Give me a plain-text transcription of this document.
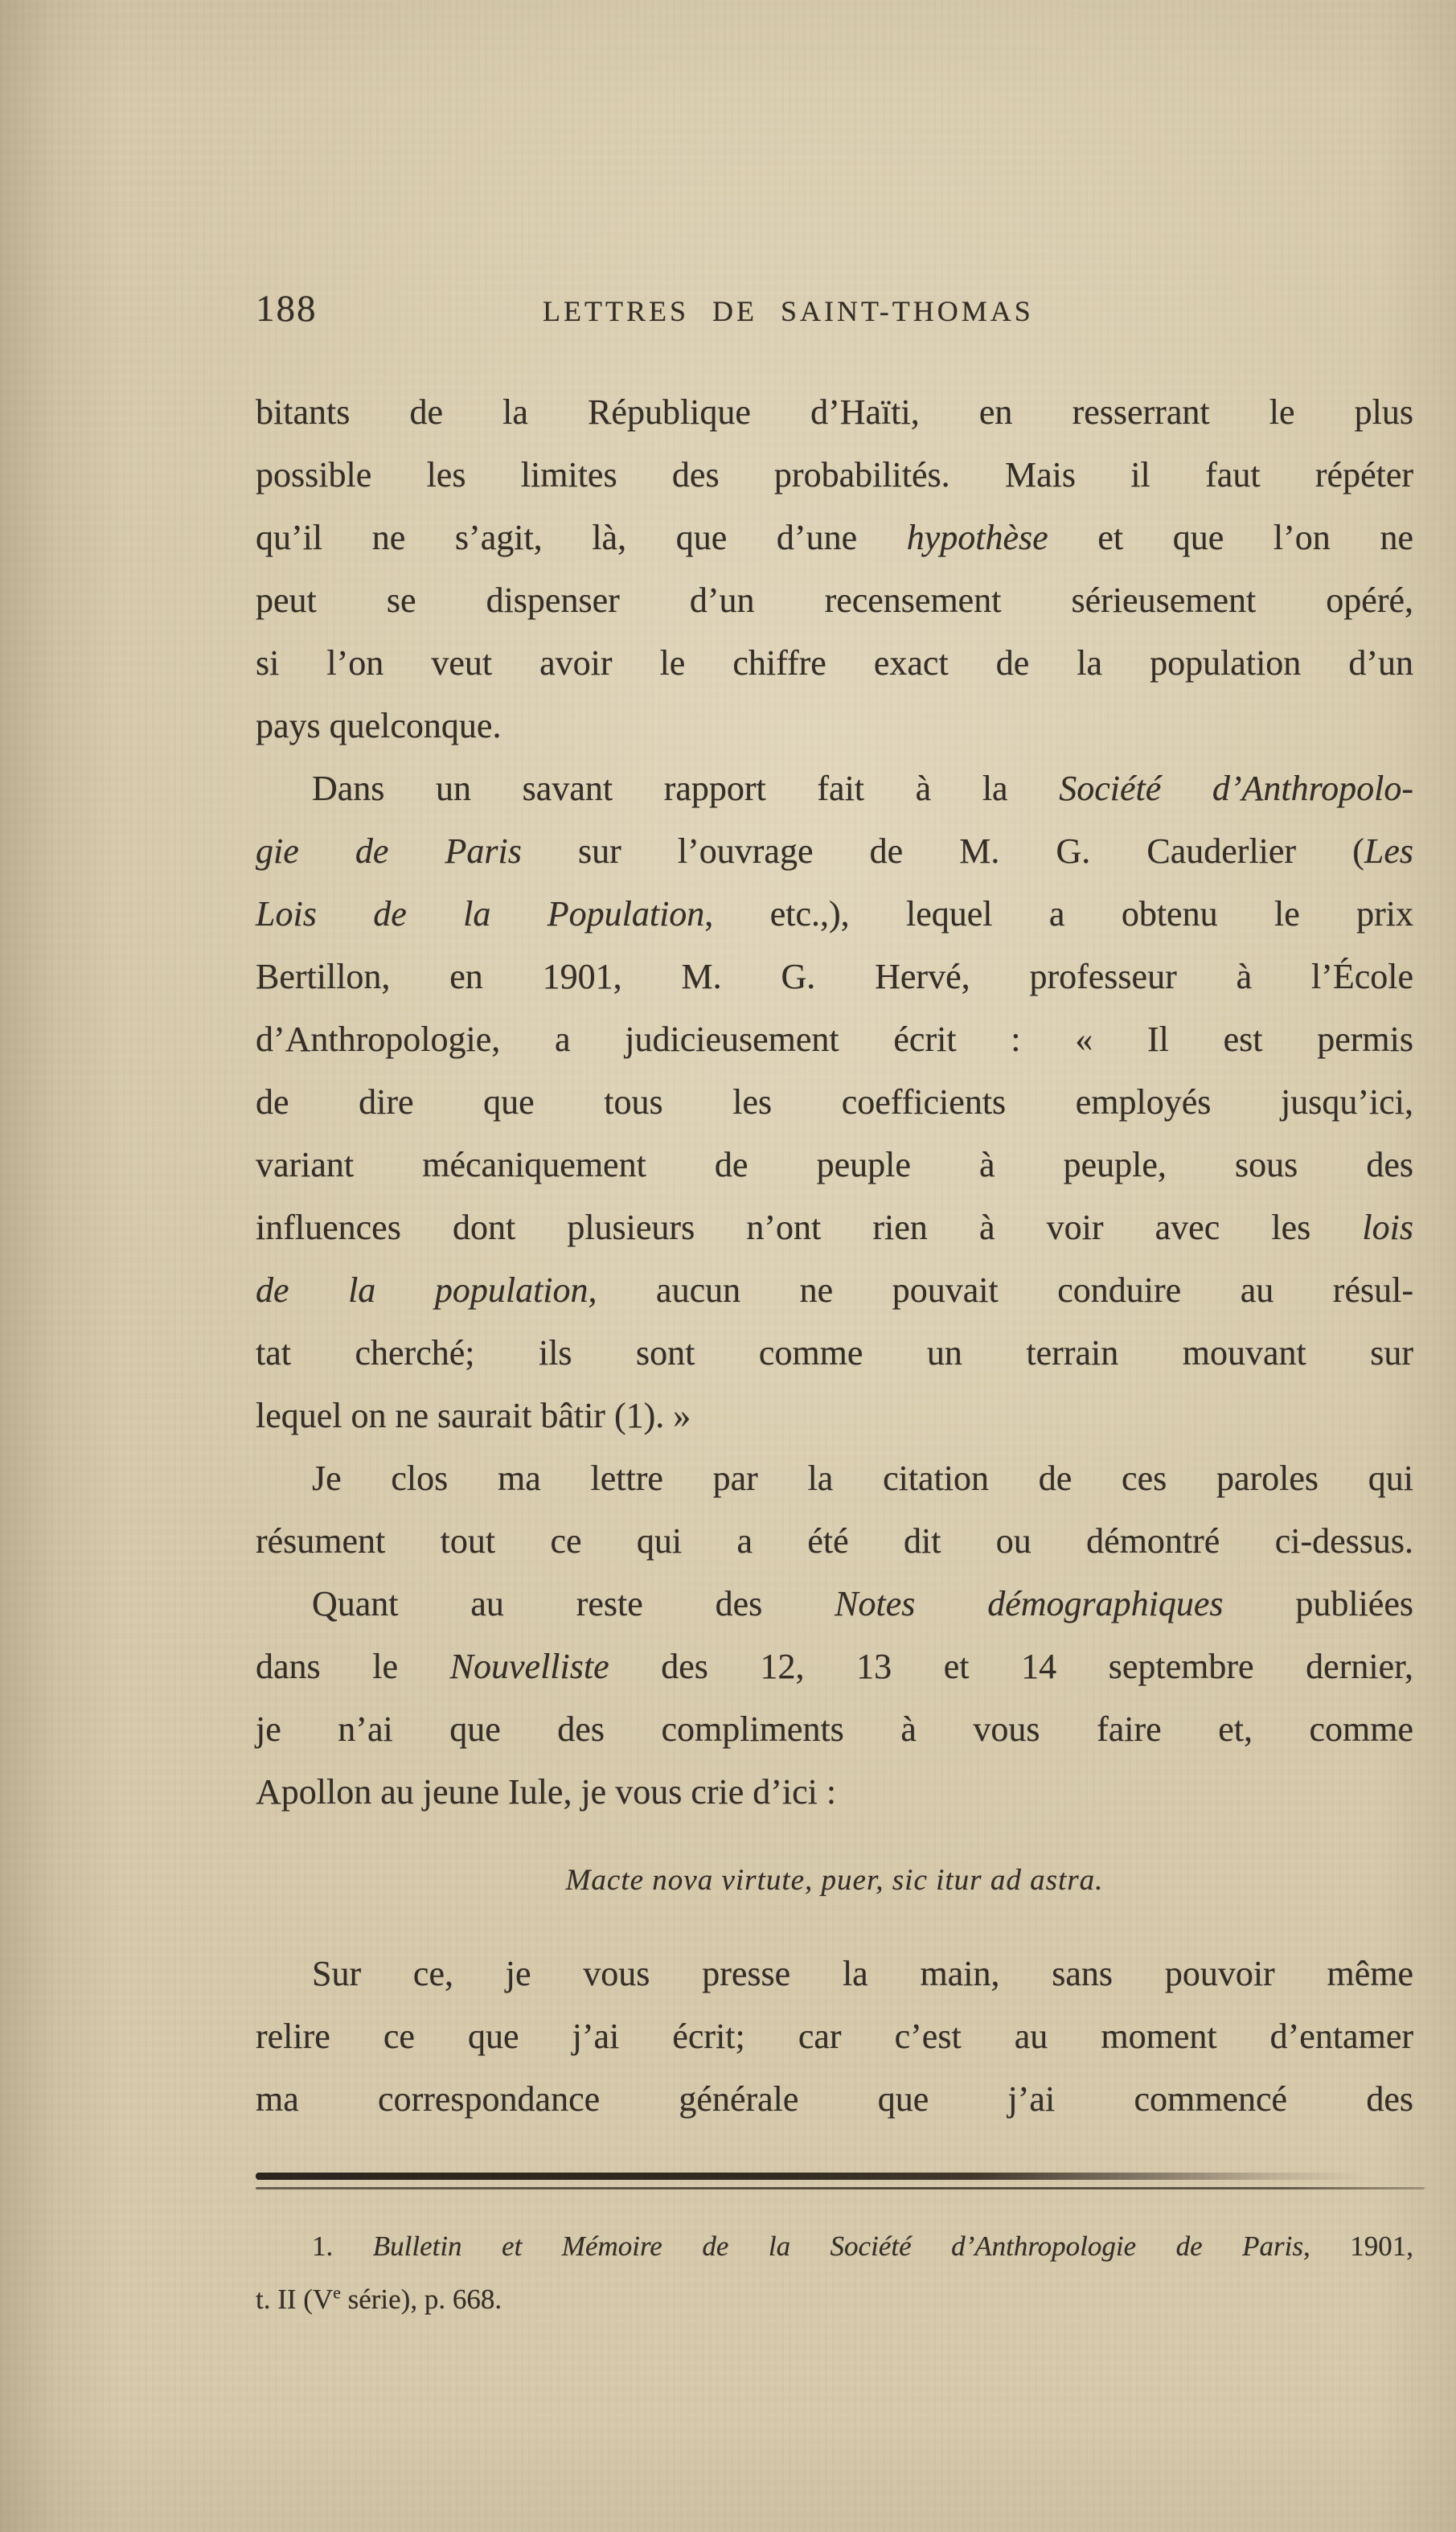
188	LETTRES DE SAINT-THOMAS
bitants de la République d’Haïti, en resserrant le plus
possible les limites des probabilités. Mais il faut répéter
qu’il ne s’agit, là, que d’une hypothèse et que l’on ne
peut se dispenser d’un recensement sérieusement opéré,
si l’on veut avoir le chiffre exact de la population d’un
pays quelconque.
Dans un savant rapport fait à la Société d’Anthropolo-
gie de Paris sur l’ouvrage de M. G. Cauderlier (Les
Lois de la Population, etc.,), lequel a obtenu le prix
Bertillon, en 1901, M. G. Hervé, professeur à l’École
d’Anthropologie, a judicieusement écrit : « Il est permis
de dire que tous les coefficients employés jusqu’ici,
variant mécaniquement de peuple à peuple, sous des
influences dont plusieurs n’ont rien à voir avec les lois
de la population, aucun ne pouvait conduire au résul-
tat cherché; ils sont comme un terrain mouvant sur
lequel on ne saurait bâtir (1). »
Je clos ma lettre par la citation de ces paroles qui
résument tout ce qui a été dit ou démontré ci-dessus.
Quant au reste des Notes démographiques publiées
dans le Nouvelliste des 12, 13 et 14 septembre dernier,
je n’ai que des compliments à vous faire et, comme
Apollon au jeune Iule, je vous crie d’ici :
Macte nova virtute, puer, sic itur ad astra.
Sur ce, je vous presse la main, sans pouvoir même
relire ce que j’ai écrit; car c’est au moment d’entamer
ma correspondance générale que j’ai commencé des
1. Bulletin et Mémoire de la Société d’Anthropologie de Paris, 1901,
t. II (Ve série), p. 668.
